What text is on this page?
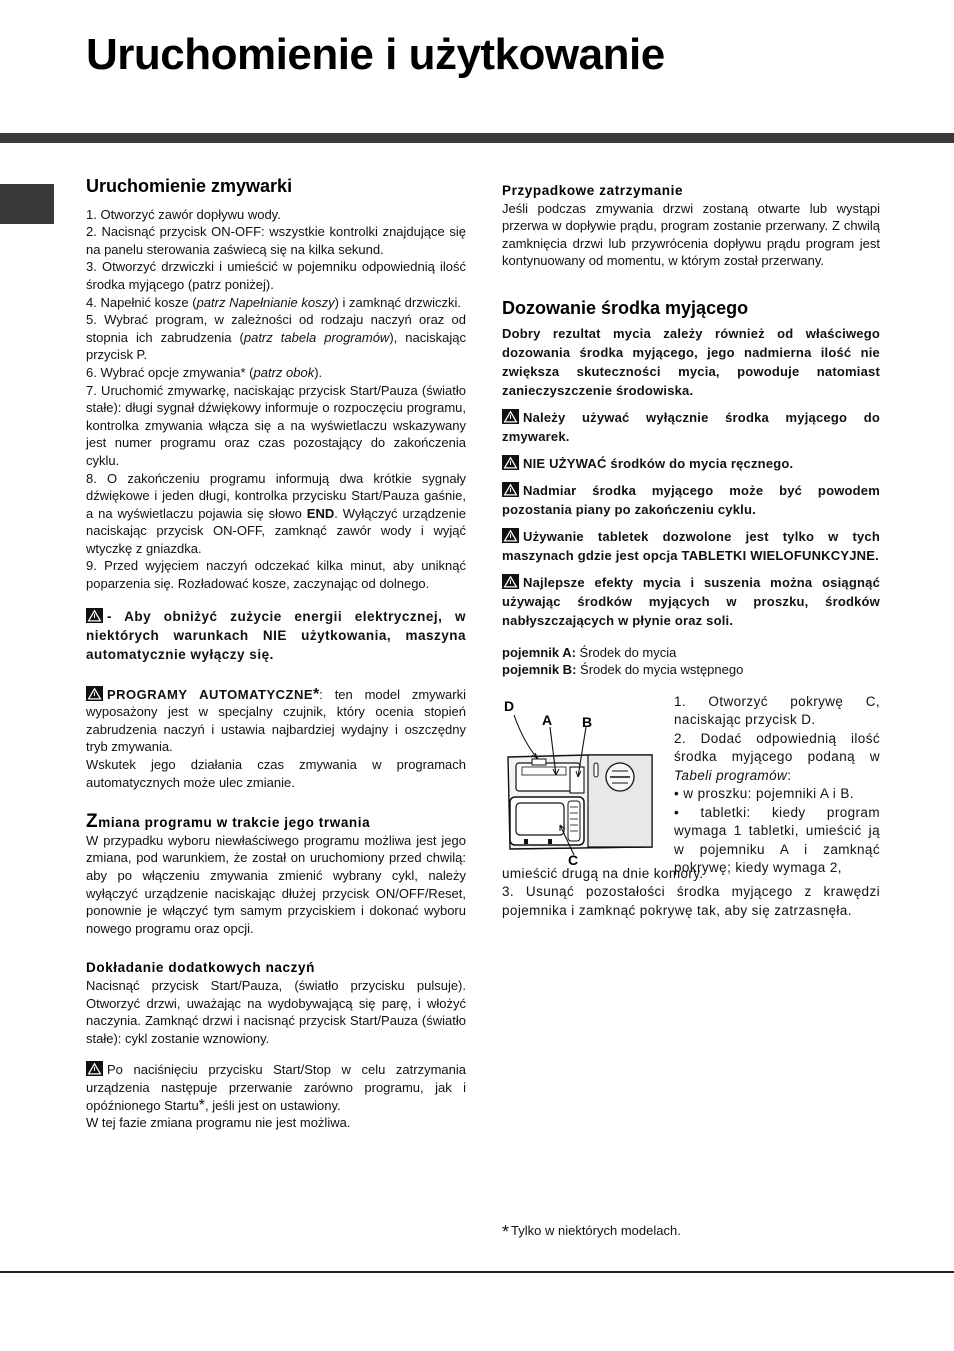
Uruchomienie i użytkowanie
Uruchomienie zmywarki

1. Otworzyć zawór dopływu wody.

2. Nacisnąć przycisk ON-OFF: wszystkie kontrolki znajdujące się na panelu sterowania zaświecą się na kilka sekund.

3. Otworzyć drzwiczki i umieścić w pojemniku odpowiednią ilość środka myjącego (patrz poniżej).

4. Napełnić kosze (patrz Napełnianie koszy) i zamknąć drzwiczki.

5. Wybrać program, w zależności od rodzaju naczyń oraz od stopnia ich zabrudzenia (patrz tabela programów), naciskając przycisk P.

6. Wybrać opcje zmywania* (patrz obok).

7. Uruchomić zmywarkę, naciskając przycisk Start/Pauza (światło stałe): długi sygnał dźwiękowy informuje o rozpoczęciu programu, kontrolka zmywania włącza się a na wyświetlaczu wskazywany jest numer programu oraz czas pozostający do zakończenia cyklu.

8. O zakończeniu programu informują dwa krótkie sygnały dźwiękowe i jeden długi, kontrolka przycisku Start/Pauza gaśnie, a na wyświetlaczu pojawia się słowo END. Wyłączyć urządzenie naciskając przycisk ON-OFF, zamknąć zawór wody i wyjąć wtyczkę z gniazdka.

9. Przed wyjęciem naczyń odczekać kilka minut, aby uniknąć poparzenia się. Rozładować kosze, zaczynając od dolnego.

- Aby obniżyć zużycie energii elektrycznej, w niektórych warunkach NIE użytkowania, maszyna automatycznie wyłączy się.

PROGRAMY AUTOMATYCZNE*: ten model zmywarki wyposażony jest w specjalny czujnik, który ocenia stopień zabrudzenia naczyń i ustawia najbardziej wydajny i oszczędny tryb zmywania.

Wskutek jego działania czas zmywania w programach automatycznych może ulec zmianie.

Zmiana programu w trakcie jego trwania

W przypadku wyboru niewłaściwego programu możliwa jest jego zmiana, pod warunkiem, że został on uruchomiony przed chwilą: aby po włączeniu zmywania zmienić wybrany cykl, należy wyłączyć urządzenie naciskając dłużej przycisk ON/OFF/Reset, ponownie je włączyć tym samym przyciskiem i dokonać wyboru nowego programu oraz opcji.

Dokładanie dodatkowych naczyń

Nacisnąć przycisk Start/Pauza, (światło przycisku pulsuje). Otworzyć drzwi, uważając na wydobywającą się parę, i włożyć naczynia. Zamknąć drzwi i nacisnąć przycisk Start/Pauza (światło stałe): cykl zostanie wznowiony.

Po naciśnięciu przycisku Start/Stop w celu zatrzymania urządzenia następuje przerwanie zarówno programu, jak i opóźnionego Startu*, jeśli jest on ustawiony.

W tej fazie zmiana programu nie jest możliwa.

Przypadkowe zatrzymanie

Jeśli podczas zmywania drzwi zostaną otwarte lub wystąpi przerwa w dopływie prądu, program zostanie przerwany. Z chwilą zamknięcia drzwi lub przywrócenia dopływu prądu program jest kontynuowany od momentu, w którym został przerwany.

Dozowanie środka myjącego

Dobry rezultat mycia zależy również od właściwego dozowania środka myjącego, jego nadmierna ilość nie zwiększa skuteczności mycia, powoduje natomiast zanieczyszczenie środowiska.

Należy używać wyłącznie środka myjącego do zmywarek.

NIE UŻYWAĆ środków do mycia ręcznego.

Nadmiar środka myjącego może być powodem pozostania piany po zakończeniu cyklu.

Używanie tabletek dozwolone jest tylko w tych maszynach gdzie jest opcja TABLETKI WIELOFUNKCYJNE.

Najlepsze efekty mycia i suszenia można osiągnąć używając środków myjących w proszku, środków nabłyszczających w płynie oraz soli.

pojemnik A: Środek do mycia

pojemnik B: Środek do mycia wstępnego

D
A B
C

1. Otworzyć pokrywę C, naciskając przycisk D.

2. Dodać odpowiednią ilość środka myjącego podaną w Tabeli programów:

• w proszku: pojemniki A i B.

• tabletki: kiedy program wymaga 1 tabletki, umieścić ją w pojemniku A i zamknąć pokrywę; kiedy wymaga 2,

umieścić drugą na dnie komory.

3. Usunąć pozostałości środka myjącego z krawędzi pojemnika i zamknąć pokrywę tak, aby się zatrzasnęła.

* Tylko w niektórych modelach.
